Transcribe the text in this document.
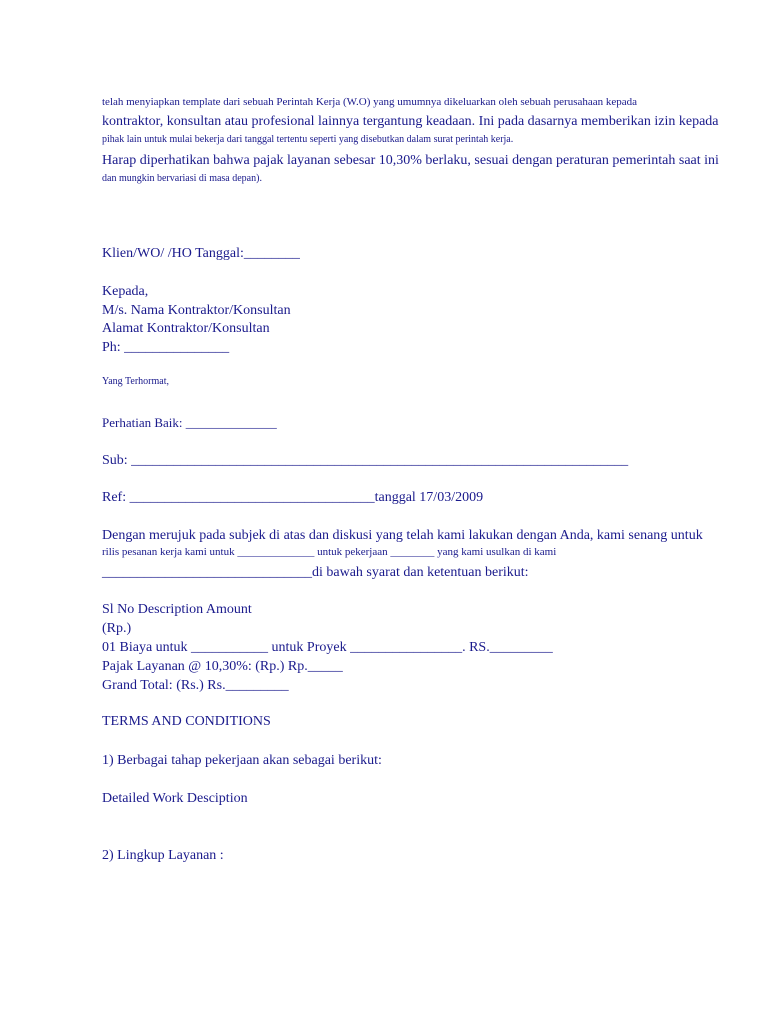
telah menyiapkan template dari sebuah Perintah Kerja (W.O) yang umumnya dikeluarkan oleh sebuah perusahaan kepada
kontraktor, konsultan atau profesional lainnya tergantung keadaan. Ini pada dasarnya memberikan izin kepada
pihak lain untuk mulai bekerja dari tanggal tertentu seperti yang disebutkan dalam surat perintah kerja.
Harap diperhatikan bahwa pajak layanan sebesar 10,30% berlaku, sesuai dengan peraturan pemerintah saat ini
dan mungkin bervariasi di masa depan).
Klien/WO/ /HO Tanggal:________
Kepada,
M/s. Nama Kontraktor/Konsultan
Alamat Kontraktor/Konsultan
Ph: _______________
Yang Terhormat,
Perhatian Baik: ______________
Sub: _______________________________________________________________________
Ref: ___________________________________tanggal 17/03/2009
Dengan merujuk pada subjek di atas dan diskusi yang telah kami lakukan dengan Anda, kami senang untuk
rilis pesanan kerja kami untuk ______________ untuk pekerjaan ________ yang kami usulkan di kami
______________________________di bawah syarat dan ketentuan berikut:
Sl No Description Amount
(Rp.)
01 Biaya untuk ___________ untuk Proyek ________________. RS._________
Pajak Layanan @ 10,30%: (Rp.) Rp._____
Grand Total: (Rs.) Rs._________
TERMS AND CONDITIONS
1) Berbagai tahap pekerjaan akan sebagai berikut:
Detailed Work Desciption
2) Lingkup Layanan :
